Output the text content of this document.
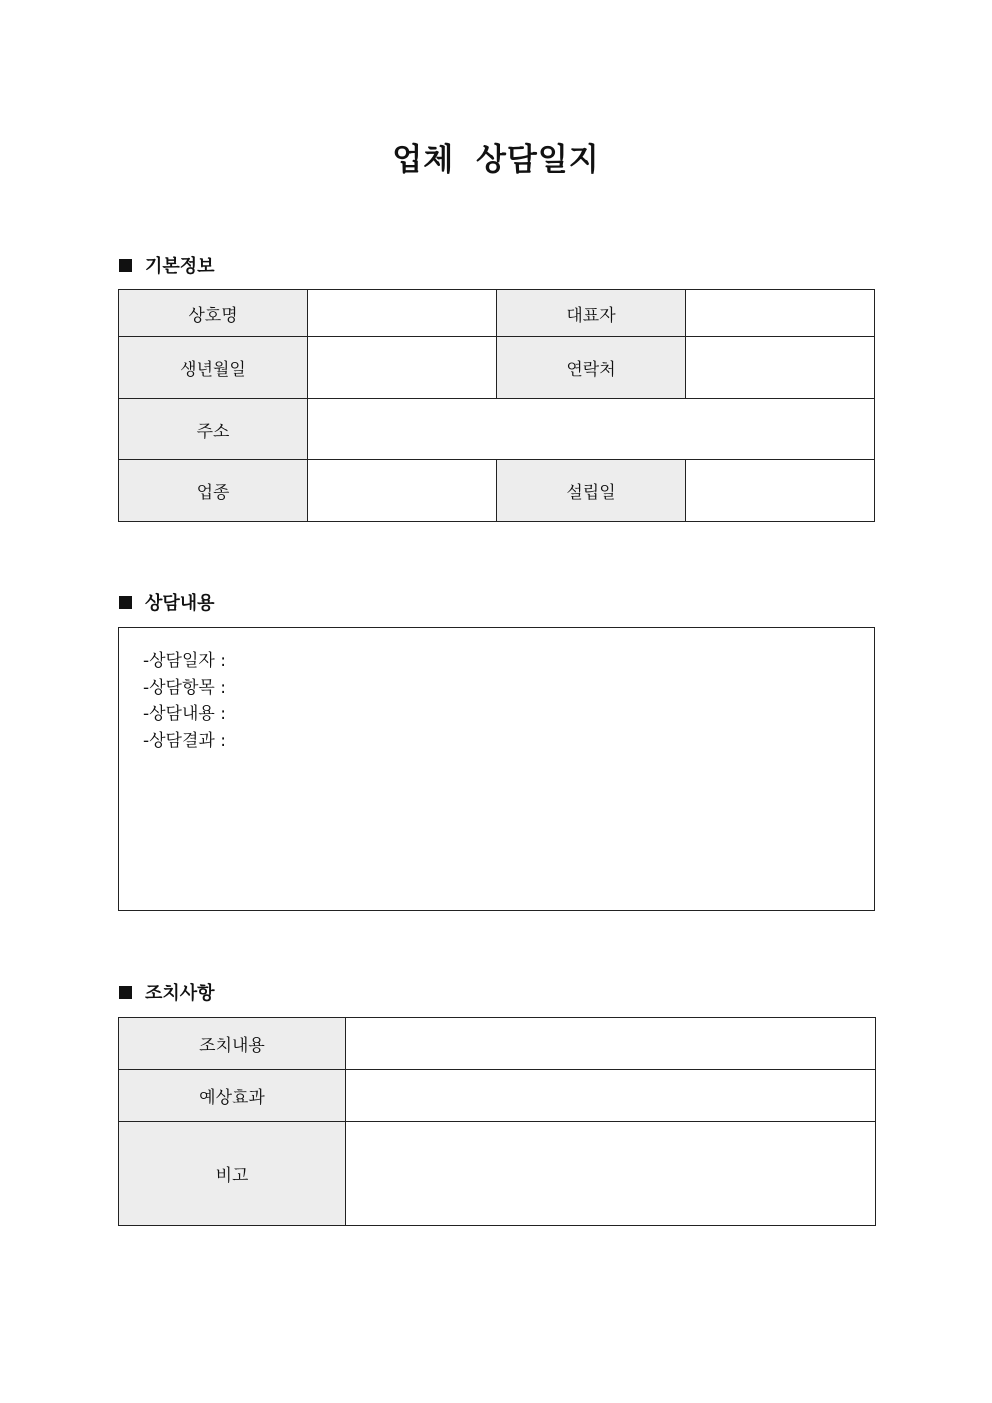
업체 상담일지
기본정보
상호명		대표자	
생년월일		연락처	
주소			
업종		설립일	
상담내용
-상담일자 :
-상담항목 :
-상담내용 :
-상담결과 :
조치사항
조치내용	
예상효과	
비고	
